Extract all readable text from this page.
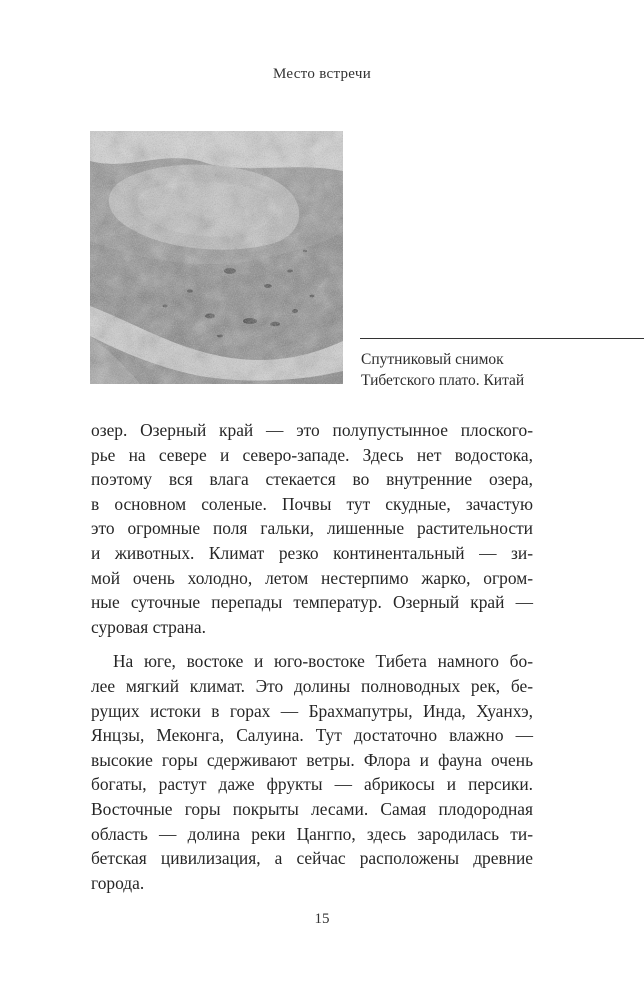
Место встречи
Спутниковый снимок
Тибетского плато. Китай
озер. Озерный край — это полупустынное плоского-
рье на севере и северо-западе. Здесь нет водостока,
поэтому вся влага стекается во внутренние озера,
в основном соленые. Почвы тут скудные, зачастую
это огромные поля гальки, лишенные растительности
и животных. Климат резко континентальный — зи-
мой очень холодно, летом нестерпимо жарко, огром-
ные суточные перепады температур. Озерный край —
суровая страна.
На юге, востоке и юго-востоке Тибета намного бо-
лее мягкий климат. Это долины полноводных рек, бе-
рущих истоки в горах — Брахмапутры, Инда, Хуанхэ,
Янцзы, Меконга, Салуина. Тут достаточно влажно —
высокие горы сдерживают ветры. Флора и фауна очень
богаты, растут даже фрукты — абрикосы и персики.
Восточные горы покрыты лесами. Самая плодородная
область — долина реки Цангпо, здесь зародилась ти-
бетская цивилизация, а сейчас расположены древние
города.
15
